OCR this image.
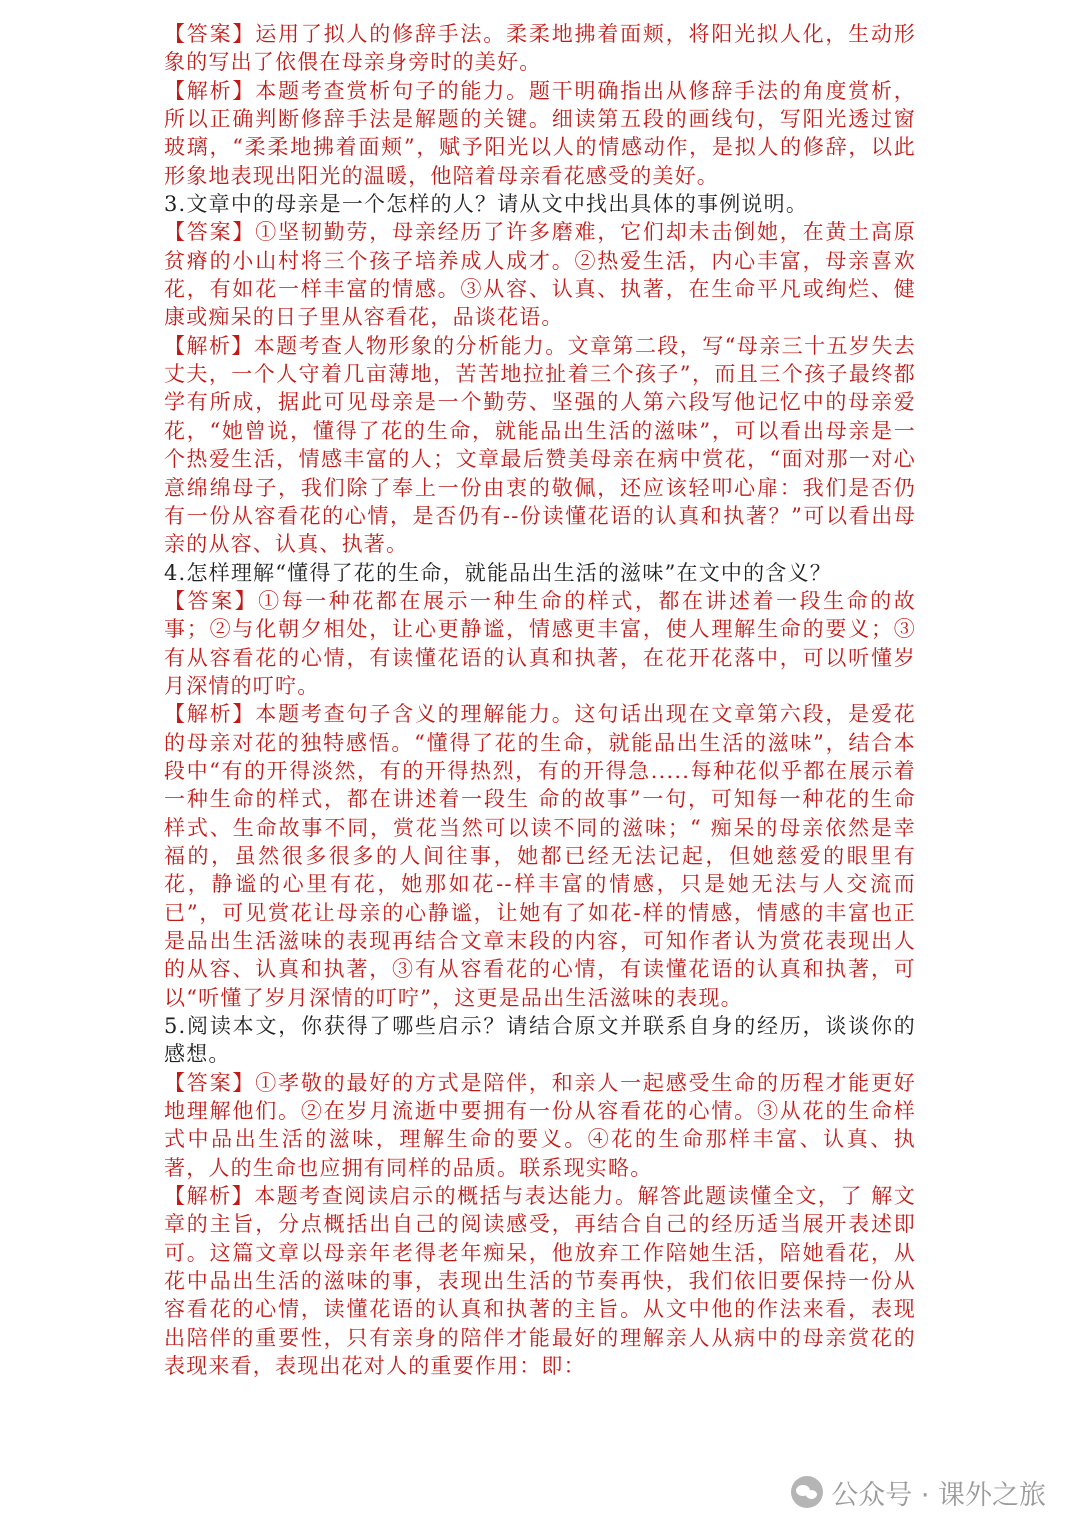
【答案】运用了拟人的修辞手法。柔柔地拂着面颊，将阳光拟人化，生动形象的写出了依偎在母亲身旁时的美好。

【解析】本题考查赏析句子的能力。题干明确指出从修辞手法的角度赏析，所以正确判断修辞手法是解题的关键。细读第五段的画线句，写阳光透过窗玻璃，“柔柔地拂着面颊”，赋予阳光以人的情感动作，是拟人的修辞，以此形象地表现出阳光的温暖，他陪着母亲看花感受的美好。

3.文章中的母亲是一个怎样的人？请从文中找出具体的事例说明。

【答案】①坚韧勤劳，母亲经历了许多磨难，它们却未击倒她，在黄土高原贫瘠的小山村将三个孩子培养成人成才。②热爱生活，内心丰富，母亲喜欢花，有如花一样丰富的情感。③从容、认真、执著，在生命平凡或绚烂、健康或痴呆的日子里从容看花，品谈花语。

【解析】本题考查人物形象的分析能力。文章第二段，写“母亲三十五岁失去丈夫，一个人守着几亩薄地，苦苦地拉扯着三个孩子”，而且三个孩子最终都学有所成，据此可见母亲是一个勤劳、坚强的人第六段写他记忆中的母亲爱花，“她曾说，懂得了花的生命，就能品出生活的滋味”，可以看出母亲是一个热爱生活，情感丰富的人；文章最后赞美母亲在病中赏花，“面对那一对心意绵绵母子，我们除了奉上一份由衷的敬佩，还应该轻叩心扉：我们是否仍有一份从容看花的心情，是否仍有--份读懂花语的认真和执著？”可以看出母亲的从容、认真、执著。

4.怎样理解“懂得了花的生命，就能品出生活的滋味”在文中的含义？

【答案】①每一种花都在展示一种生命的样式，都在讲述着一段生命的故事；②与化朝夕相处，让心更静谧，情感更丰富，使人理解生命的要义；③有从容看花的心情，有读懂花语的认真和执著，在花开花落中，可以听懂岁月深情的叮咛。

【解析】本题考查句子含义的理解能力。这句话出现在文章第六段，是爱花的母亲对花的独特感悟。“懂得了花的生命，就能品出生活的滋味”，结合本段中“有的开得淡然，有的开得热烈，有的开得急.....每种花似乎都在展示着一种生命的样式，都在讲述着一段生 命的故事”一句，可知每一种花的生命样式、生命故事不同，赏花当然可以读不同的滋味；“ 痴呆的母亲依然是幸福的，虽然很多很多的人间往事，她都已经无法记起，但她慈爱的眼里有花，静谧的心里有花，她那如花--样丰富的情感，只是她无法与人交流而已”，可见赏花让母亲的心静谧，让她有了如花-样的情感，情感的丰富也正是品出生活滋味的表现再结合文章末段的内容，可知作者认为赏花表现出人的从容、认真和执著，③有从容看花的心情，有读懂花语的认真和执著，可以“听懂了岁月深情的叮咛”，这更是品出生活滋味的表现。

5.阅读本文，你获得了哪些启示？请结合原文并联系自身的经历，谈谈你的感想。

【答案】①孝敬的最好的方式是陪伴，和亲人一起感受生命的历程才能更好地理解他们。②在岁月流逝中要拥有一份从容看花的心情。③从花的生命样式中品出生活的滋味，理解生命的要义。④花的生命那样丰富、认真、执著，人的生命也应拥有同样的品质。联系现实略。

【解析】本题考查阅读启示的概括与表达能力。解答此题读懂全文，了 解文章的主旨，分点概括出自己的阅读感受，再结合自己的经历适当展开表述即可。这篇文章以母亲年老得老年痴呆，他放弃工作陪她生活，陪她看花，从花中品出生活的滋味的事，表现出生活的节奏再快，我们依旧要保持一份从容看花的心情，读懂花语的认真和执著的主旨。从文中他的作法来看，表现出陪伴的重要性，只有亲身的陪伴才能最好的理解亲人从病中的母亲赏花的表现来看，表现出花对人的重要作用：即：

公众号 · 课外之旅
